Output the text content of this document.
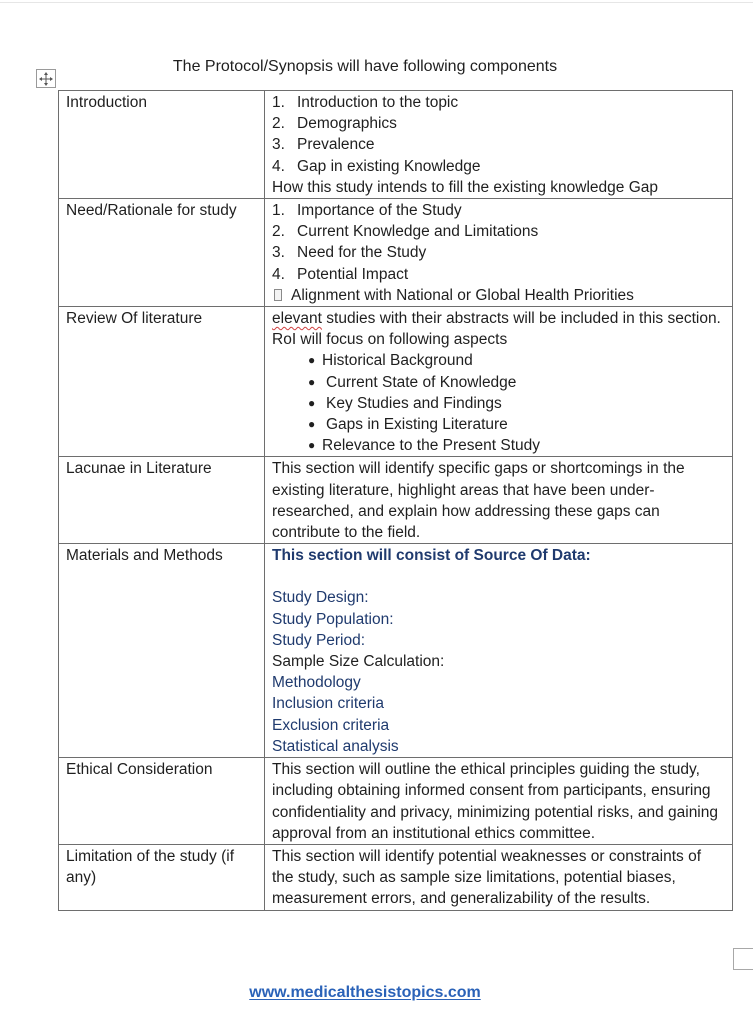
The Protocol/Synopsis will have following components
Introduction	1. Introduction to the topic
2. Demographics
3. Prevalence
4. Gap in existing Knowledge
How this study intends to fill the existing knowledge Gap

Need/Rationale for study	1. Importance of the Study
2. Current Knowledge and Limitations
3. Need for the Study
4. Potential Impact
Alignment with National or Global Health Priorities

Review Of literature	elevant studies with their abstracts will be included in this section. RoI will focus on following aspects
● Historical Background
● Current State of Knowledge
● Key Studies and Findings
● Gaps in Existing Literature
● Relevance to the Present Study

Lacunae in Literature	This section will identify specific gaps or shortcomings in the existing literature, highlight areas that have been under-researched, and explain how addressing these gaps can contribute to the field.
Materials and Methods	This section will consist of Source Of Data:
Study Design:
Study Population:
Study Period:
Sample Size Calculation:
Methodology
Inclusion criteria
Exclusion criteria
Statistical analysis

Ethical Consideration	This section will outline the ethical principles guiding the study, including obtaining informed consent from participants, ensuring confidentiality and privacy, minimizing potential risks, and gaining approval from an institutional ethics committee.
Limitation of the study (if any)	This section will identify potential weaknesses or constraints of the study, such as sample size limitations, potential biases, measurement errors, and generalizability of the results.
www.medicalthesistopics.com
